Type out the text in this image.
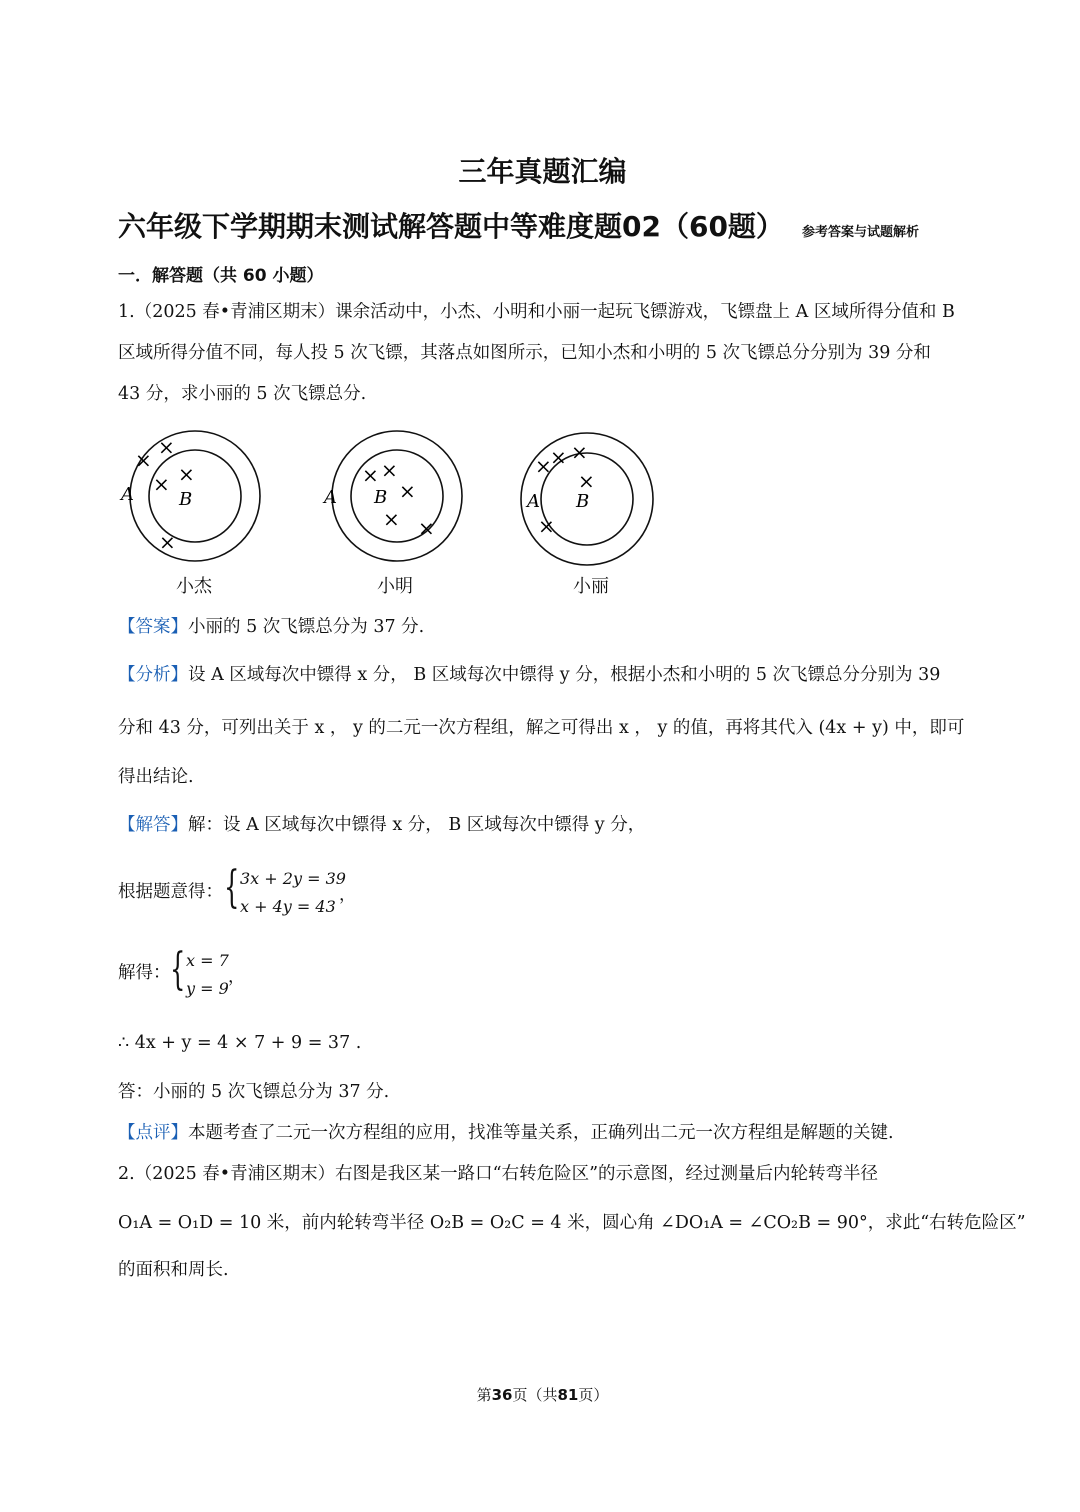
三年真题汇编
六年级下学期期末测试解答题中等难度题02（60题） 参考答案与试题解析
一．解答题（共 60 小题）
1.（2025 春•青浦区期末）课余活动中，小杰、小明和小丽一起玩飞镖游戏，飞镖盘上 A 区域所得分值和 B
区域所得分值不同，每人投 5 次飞镖，其落点如图所示，已知小杰和小明的 5 次飞镖总分分别为 39 分和
43 分，求小丽的 5 次飞镖总分.
A	B
×
×
× ×
×
A B
× ×
×
× ×
A B
×
×
×
×
×
小杰	小明	小丽
【答案】小丽的 5 次飞镖总分为 37 分.
【分析】设 A 区域每次中镖得 x 分， B 区域每次中镖得 y 分，根据小杰和小明的 5 次飞镖总分分别为 39
分和 43 分，可列出关于 x ， y 的二元一次方程组，解之可得出 x ， y 的值，再将其代入 (4x + y) 中，即可
得出结论.
【解答】解：设 A 区域每次中镖得 x 分， B 区域每次中镖得 y 分，
根据题意得： { 3x + 2y = 39
x + 4y = 43
，
解得： { x = 7
y = 9
，
∴ 4x + y = 4 × 7 + 9 = 37 .
答：小丽的 5 次飞镖总分为 37 分.
【点评】本题考查了二元一次方程组的应用，找准等量关系，正确列出二元一次方程组是解题的关键.
2.（2025 春•青浦区期末）右图是我区某一路口“右转危险区”的示意图，经过测量后内轮转弯半径
O₁A = O₁D = 10 米，前内轮转弯半径 O₂B = O₂C = 4 米，圆心角 ∠DO₁A = ∠CO₂B = 90°，求此“右转危险区”
的面积和周长.
第36页（共81页）
